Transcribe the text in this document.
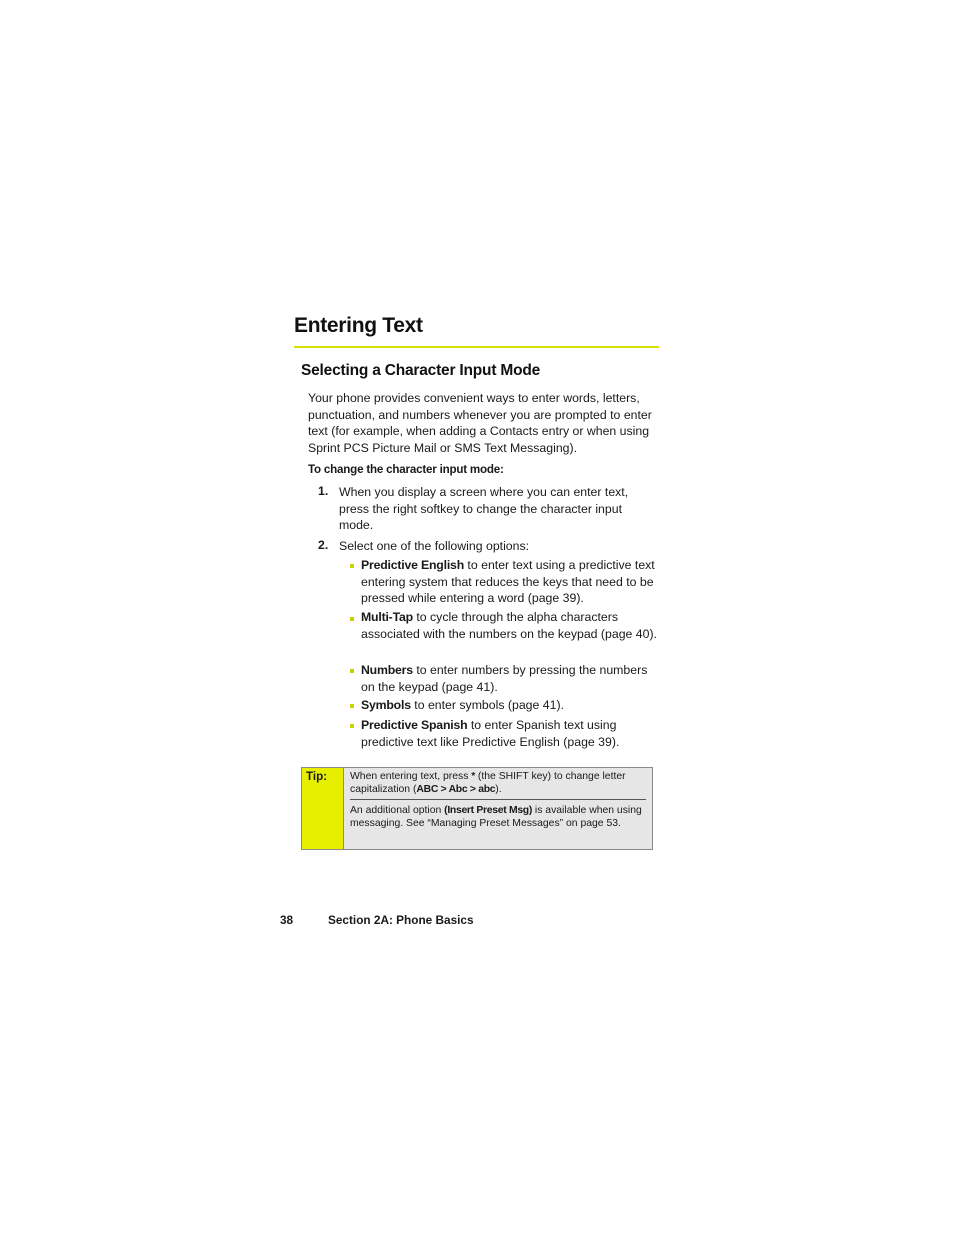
Entering Text
Selecting a Character Input Mode

Your phone provides convenient ways to enter words, letters, punctuation, and numbers whenever you are prompted to enter text (for example, when adding a Contacts entry or when using Sprint PCS Picture Mail or SMS Text Messaging).

To change the character input mode:

1. When you display a screen where you can enter text, press the right softkey to change the character input mode.

2. Select one of the following options:

Predictive English to enter text using a predictive text entering system that reduces the keys that need to be pressed while entering a word (page 39).

Multi-Tap to cycle through the alpha characters associated with the numbers on the keypad (page 40).

Numbers to enter numbers by pressing the numbers on the keypad (page 41).

Symbols to enter symbols (page 41).

Predictive Spanish to enter Spanish text using predictive text like Predictive English (page 39).

Tip: When entering text, press * (the SHIFT key) to change letter capitalization (ABC > Abc > abc).

An additional option (Insert Preset Msg) is available when using messaging. See “Managing Preset Messages” on page 53.

38	Section 2A: Phone Basics
